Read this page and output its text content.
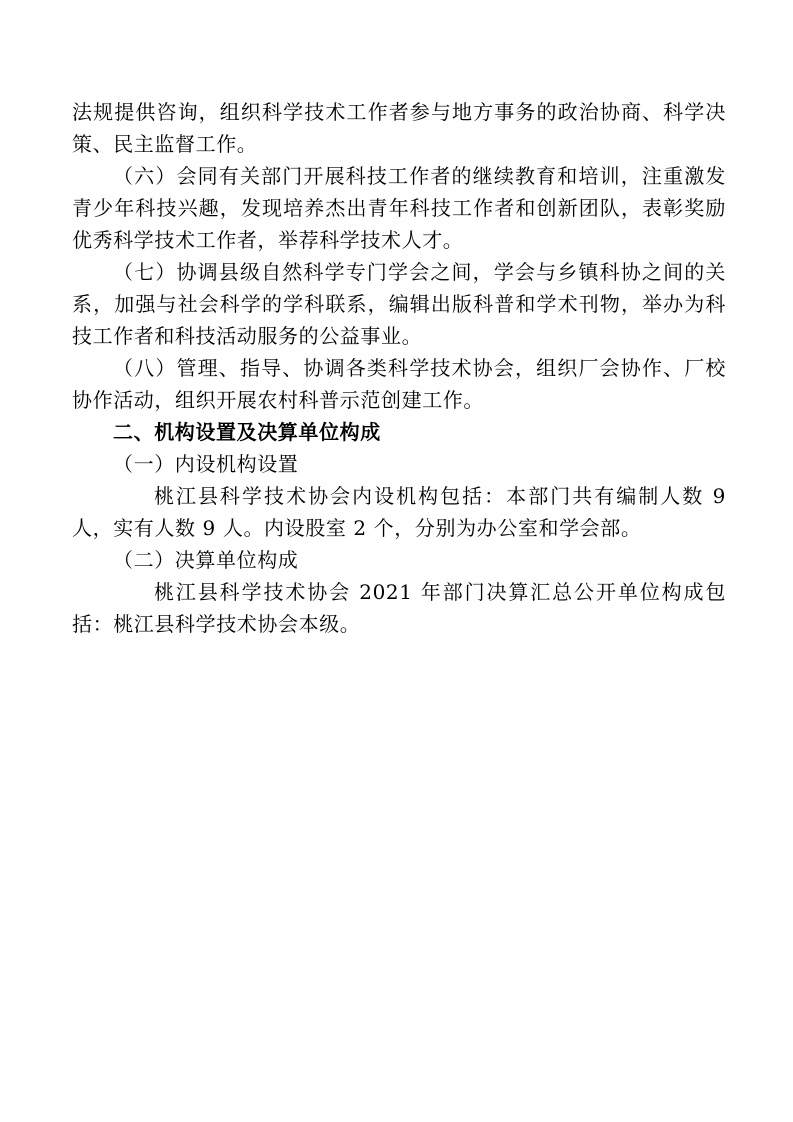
法规提供咨询，组织科学技术工作者参与地方事务的政治协商、科学决策、民主监督工作。

（六）会同有关部门开展科技工作者的继续教育和培训，注重激发青少年科技兴趣，发现培养杰出青年科技工作者和创新团队，表彰奖励优秀科学技术工作者，举荐科学技术人才。

（七）协调县级自然科学专门学会之间，学会与乡镇科协之间的关系，加强与社会科学的学科联系，编辑出版科普和学术刊物，举办为科技工作者和科技活动服务的公益事业。

（八）管理、指导、协调各类科学技术协会，组织厂会协作、厂校协作活动，组织开展农村科普示范创建工作。

二、机构设置及决算单位构成

（一）内设机构设置

桃江县科学技术协会内设机构包括：本部门共有编制人数 9 人，实有人数 9 人。内设股室 2 个，分别为办公室和学会部。

（二）决算单位构成

桃江县科学技术协会 2021 年部门决算汇总公开单位构成包括：桃江县科学技术协会本级。
